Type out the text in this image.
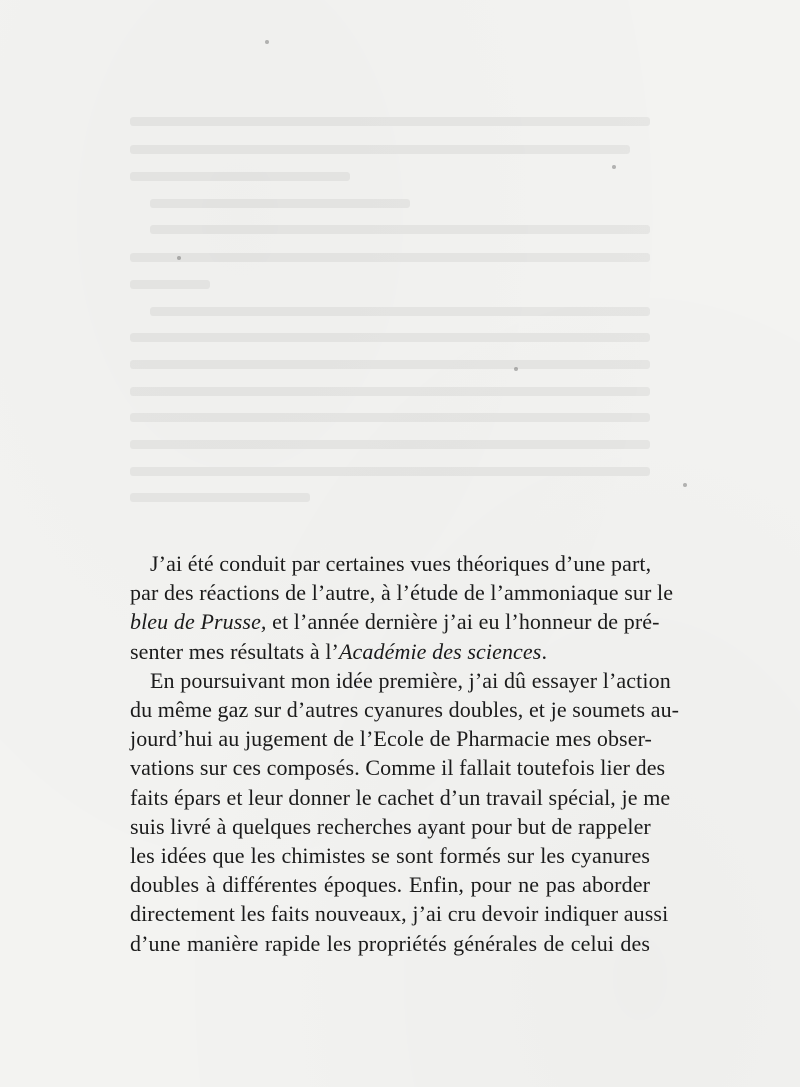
J’ai été conduit par certaines vues théoriques d’une part,
par des réactions de l’autre, à l’étude de l’ammoniaque sur le
bleu de Prusse, et l’année dernière j’ai eu l’honneur de pré-
senter mes résultats à l’Académie des sciences.
En poursuivant mon idée première, j’ai dû essayer l’action
du même gaz sur d’autres cyanures doubles, et je soumets au-
jourd’hui au jugement de l’Ecole de Pharmacie mes obser-
vations sur ces composés. Comme il fallait toutefois lier des
faits épars et leur donner le cachet d’un travail spécial, je me
suis livré à quelques recherches ayant pour but de rappeler
les idées que les chimistes se sont formés sur les cyanures
doubles à différentes époques. Enfin, pour ne pas aborder
directement les faits nouveaux, j’ai cru devoir indiquer aussi
d’une manière rapide les propriétés générales de celui des
